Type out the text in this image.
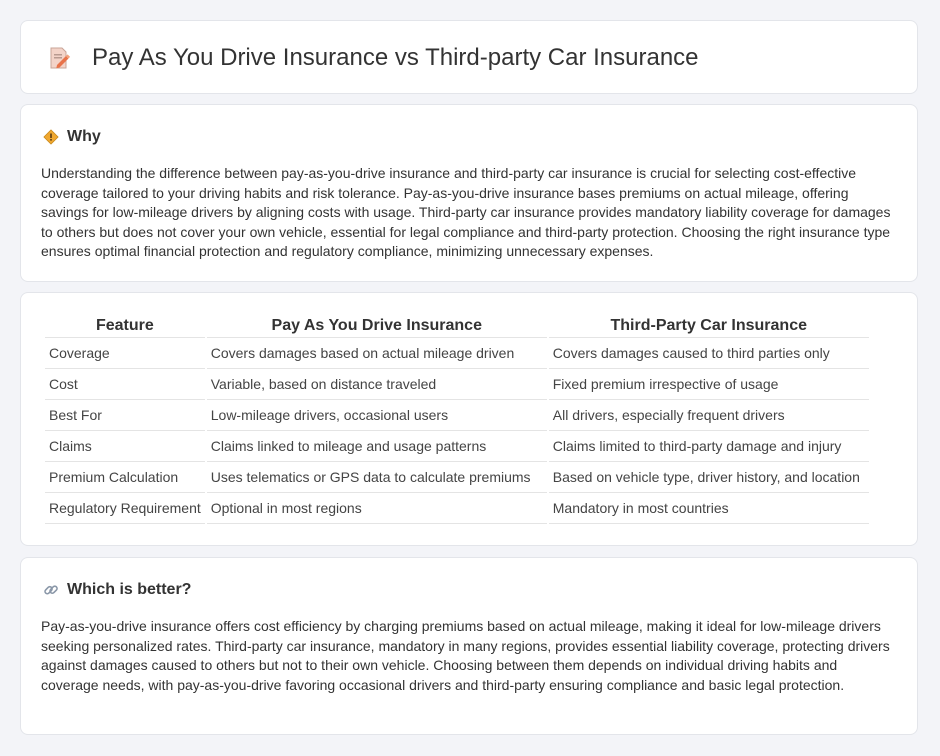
Pay As You Drive Insurance vs Third-party Car Insurance
Why

Understanding the difference between pay-as-you-drive insurance and third-party car insurance is crucial for selecting cost-effective coverage tailored to your driving habits and risk tolerance. Pay-as-you-drive insurance bases premiums on actual mileage, offering savings for low-mileage drivers by aligning costs with usage. Third-party car insurance provides mandatory liability coverage for damages to others but does not cover your own vehicle, essential for legal compliance and third-party protection. Choosing the right insurance type ensures optimal financial protection and regulatory compliance, minimizing unnecessary expenses.

Feature	Pay As You Drive Insurance	Third-Party Car Insurance
Coverage	Covers damages based on actual mileage driven	Covers damages caused to third parties only
Cost	Variable, based on distance traveled	Fixed premium irrespective of usage
Best For	Low-mileage drivers, occasional users	All drivers, especially frequent drivers
Claims	Claims linked to mileage and usage patterns	Claims limited to third-party damage and injury
Premium Calculation	Uses telematics or GPS data to calculate premiums	Based on vehicle type, driver history, and location
Regulatory Requirement	Optional in most regions	Mandatory in most countries
Which is better?

Pay-as-you-drive insurance offers cost efficiency by charging premiums based on actual mileage, making it ideal for low-mileage drivers seeking personalized rates. Third-party car insurance, mandatory in many regions, provides essential liability coverage, protecting drivers against damages caused to others but not to their own vehicle. Choosing between them depends on individual driving habits and coverage needs, with pay-as-you-drive favoring occasional drivers and third-party ensuring compliance and basic legal protection.
